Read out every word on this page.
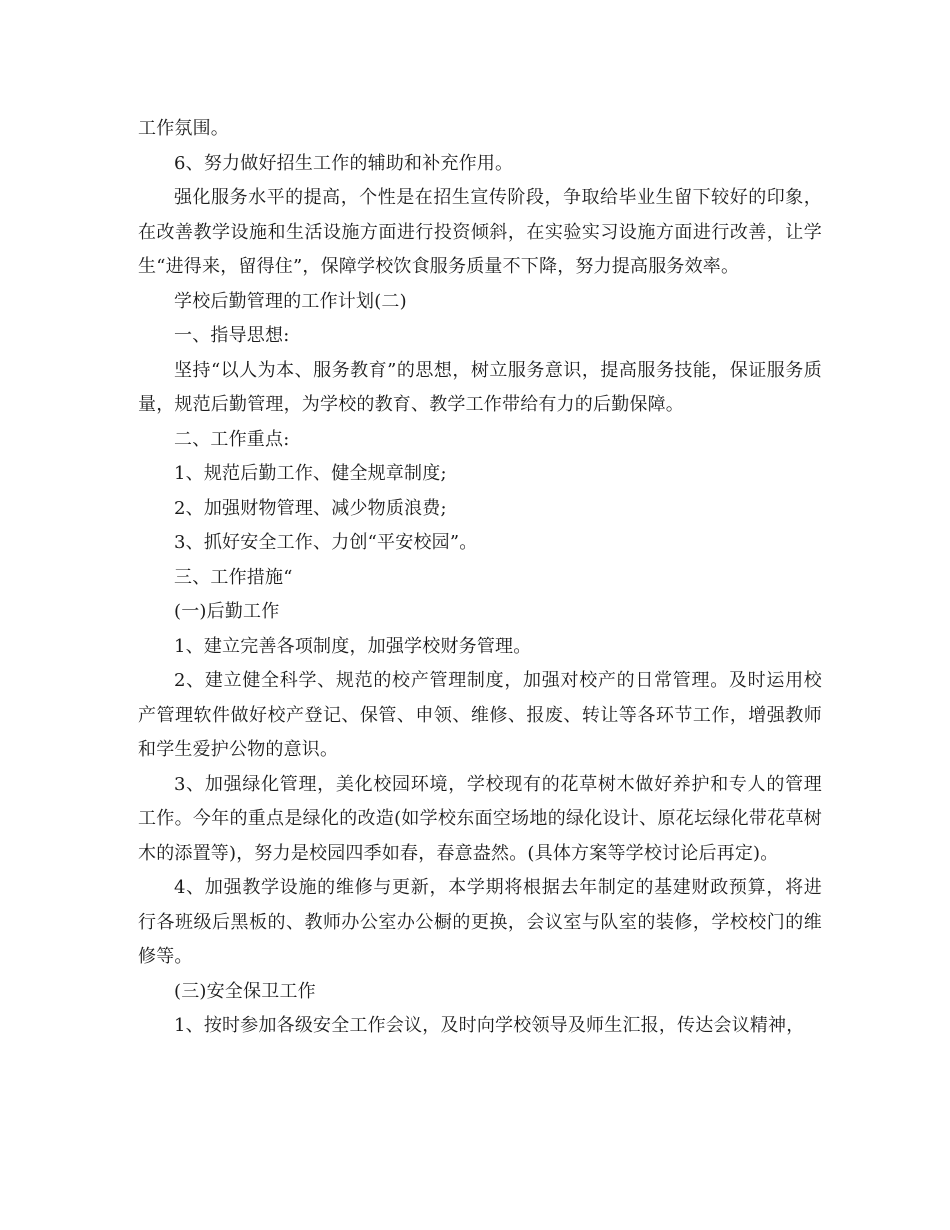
工作氛围。

6、努力做好招生工作的辅助和补充作用。

强化服务水平的提高，个性是在招生宣传阶段，争取给毕业生留下较好的印象，在改善教学设施和生活设施方面进行投资倾斜，在实验实习设施方面进行改善，让学生“进得来，留得住”，保障学校饮食服务质量不下降，努力提高服务效率。

学校后勤管理的工作计划(二)

一、指导思想:

坚持“以人为本、服务教育”的思想，树立服务意识，提高服务技能，保证服务质量，规范后勤管理，为学校的教育、教学工作带给有力的后勤保障。

二、工作重点:

1、规范后勤工作、健全规章制度;

2、加强财物管理、减少物质浪费;

3、抓好安全工作、力创“平安校园”。

三、工作措施“

(一)后勤工作

1、建立完善各项制度，加强学校财务管理。

2、建立健全科学、规范的校产管理制度，加强对校产的日常管理。及时运用校产管理软件做好校产登记、保管、申领、维修、报废、转让等各环节工作，增强教师和学生爱护公物的意识。

3、加强绿化管理，美化校园环境，学校现有的花草树木做好养护和专人的管理工作。今年的重点是绿化的改造(如学校东面空场地的绿化设计、原花坛绿化带花草树木的添置等)，努力是校园四季如春，春意盎然。(具体方案等学校讨论后再定)。

4、加强教学设施的维修与更新，本学期将根据去年制定的基建财政预算，将进行各班级后黑板的、教师办公室办公橱的更换，会议室与队室的装修，学校校门的维修等。

(三)安全保卫工作

1、按时参加各级安全工作会议，及时向学校领导及师生汇报，传达会议精神，
